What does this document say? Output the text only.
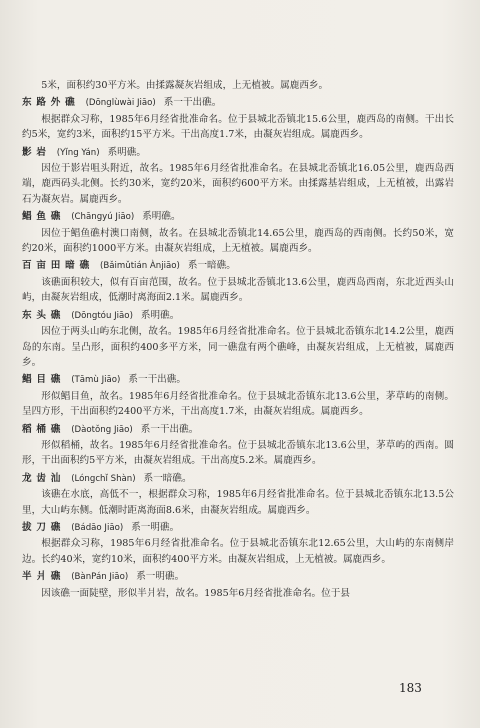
5米，面积约30平方米。由揉露凝灰岩组成，上无植被。属鹿西乡。

东路外礁 (Dōnglùwài Jiāo) 系一干出礁。

根据群众习称，1985年6月经省批准命名。位于县城北岙镇北15.6公里，鹿西岛的南侧。干出长约5米，宽约3米，面积约15平方米。干出高度1.7米，由凝灰岩组成。属鹿西乡。

影岩 (Yǐng Yán) 系明礁。

因位于影岩咀头附近，故名。1985年6月经省批准命名。在县城北岙镇北16.05公里，鹿西岛西端，鹿西码头北侧。长约30米，宽约20米，面积约600平方米。由揉露基岩组成，上无植被，出露岩石为凝灰岩。属鹿西乡。

鲳鱼礁 (Chāngyú Jiāo) 系明礁。

因位于鲳鱼礁村澳口南侧，故名。在县城北岙镇北14.65公里，鹿西岛的西南侧。长约50米，宽约20米，面积约1000平方米。由凝灰岩组成，上无植被。属鹿西乡。

百亩田暗礁 (Bǎimǔtián Ànjiāo) 系一暗礁。

该礁面积较大，似有百亩范围，故名。位于县城北岙镇北13.6公里，鹿西岛西南，东北近西头山屿，由凝灰岩组成，低潮时离海面2.1米。属鹿西乡。

东头礁 (Dōngtóu Jiāo) 系明礁。

因位于两头山屿东北侧，故名。1985年6月经省批准命名。位于县城北岙镇东北14.2公里，鹿西岛的东南。呈凸形，面积约400多平方米，同一礁盘有两个礁峰，由凝灰岩组成，上无植被，属鹿西乡。

鲳目礁 (Tāmù Jiāo) 系一干出礁。

形似鲳目鱼，故名。1985年6月经省批准命名。位于县城北岙镇东北13.6公里，茅草屿的南侧。呈四方形，干出面积约2400平方米，干出高度1.7米，由凝灰岩组成。属鹿西乡。

稻桶礁 (Dàotǒng Jiāo) 系一干出礁。

形似稻桶，故名。1985年6月经省批准命名。位于县城北岙镇东北13.6公里，茅草屿的西南。圆形，干出面积约5平方米，由凝灰岩组成。干出高度5.2米。属鹿西乡。

龙齿汕 (Lóngchǐ Shàn) 系一暗礁。

该礁在水底，高低不一，根据群众习称，1985年6月经省批准命名。位于县城北岙镇东北13.5公里，大山屿东侧。低潮时距离海面8.6米，由凝灰岩组成。属鹿西乡。

拔刀礁 (Bádāo Jiāo) 系一明礁。

根据群众习称，1985年6月经省批准命名。位于县城北岙镇东北12.65公里，大山屿的东南侧岸边。长约40米，宽约10米，面积约400平方米。由凝灰岩组成，上无植被。属鹿西乡。

半爿礁 (BànPán Jiāo) 系一明礁。

因该礁一面陡壁，形似半爿岩，故名。1985年6月经省批准命名。位于县

183
